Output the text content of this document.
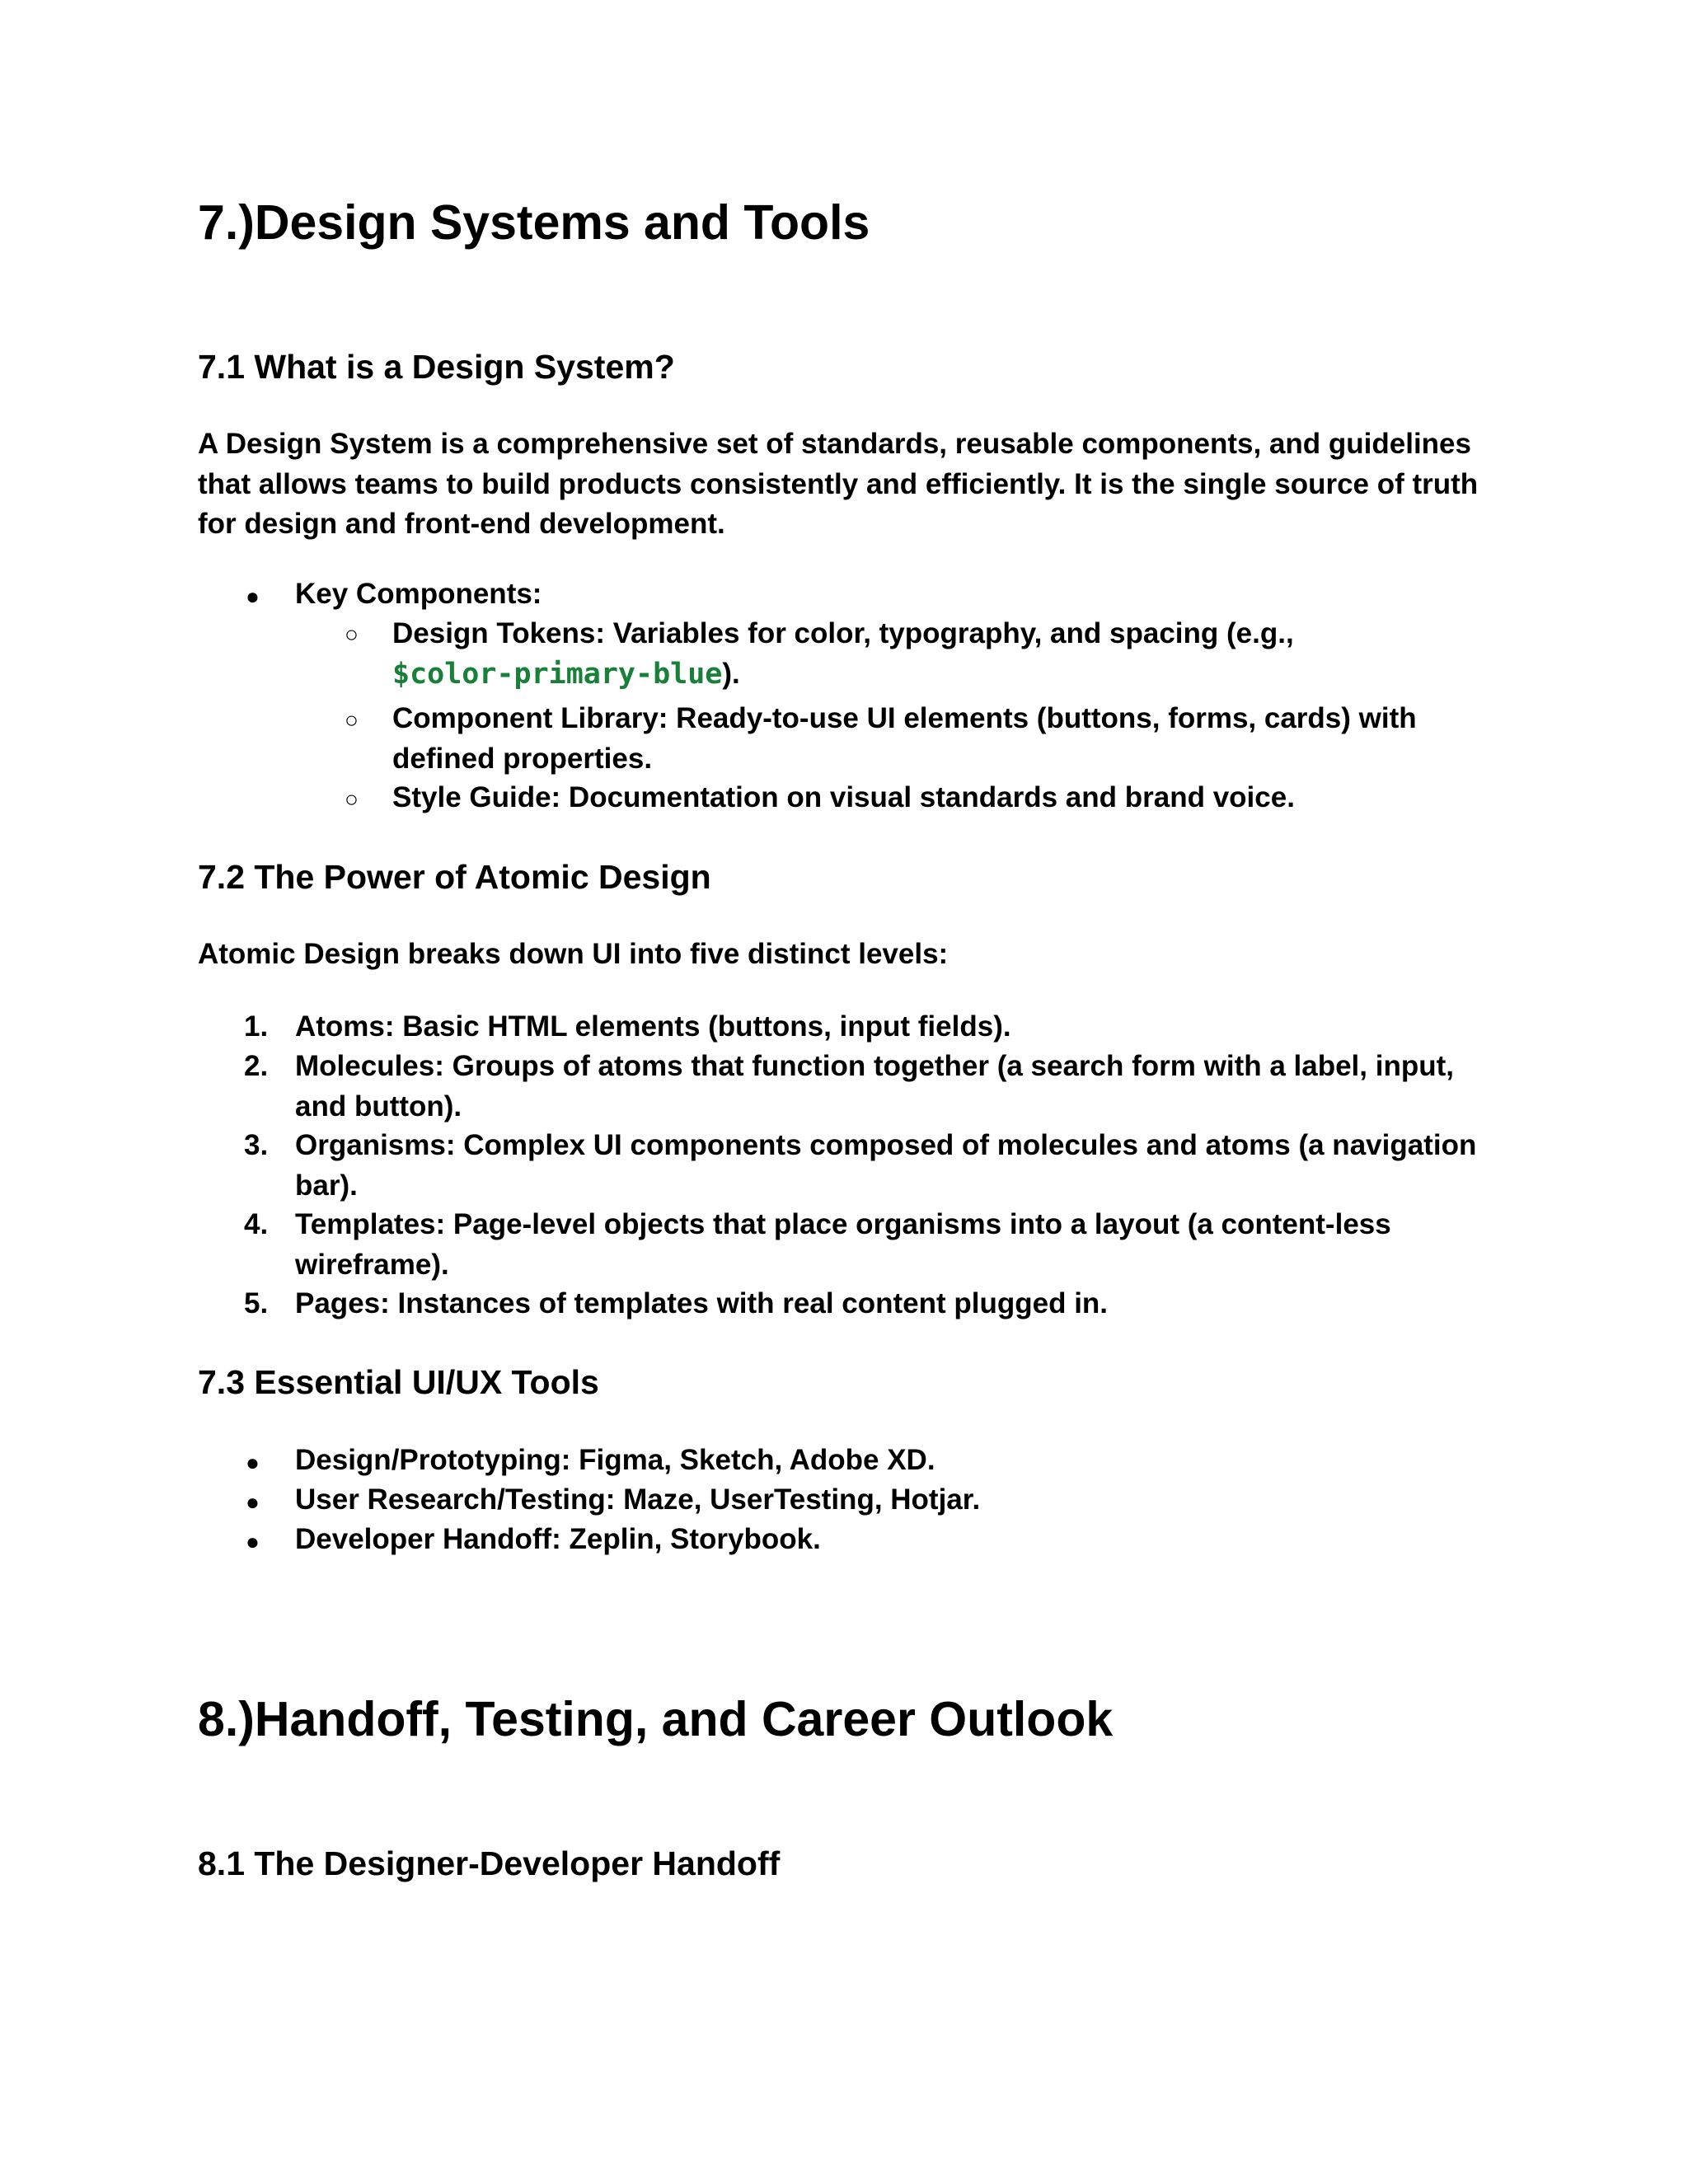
7.)Design Systems and Tools
7.1 What is a Design System?

A Design System is a comprehensive set of standards, reusable components, and guidelines that allows teams to build products consistently and efficiently. It is the single source of truth for design and front-end development.

● Key Components:
○ Design Tokens: Variables for color, typography, and spacing (e.g.,
$color-primary-blue).
○ Component Library: Ready-to-use UI elements (buttons, forms, cards) with defined properties.
○ Style Guide: Documentation on visual standards and brand voice.
7.2 The Power of Atomic Design

Atomic Design breaks down UI into five distinct levels:

1. Atoms: Basic HTML elements (buttons, input fields).
2. Molecules: Groups of atoms that function together (a search form with a label, input, and button).
3. Organisms: Complex UI components composed of molecules and atoms (a navigation bar).
4. Templates: Page-level objects that place organisms into a layout (a content-less wireframe).
5. Pages: Instances of templates with real content plugged in.
7.3 Essential UI/UX Tools
● Design/Prototyping: Figma, Sketch, Adobe XD.
● User Research/Testing: Maze, UserTesting, Hotjar.
● Developer Handoff: Zeplin, Storybook.
8.)Handoff, Testing, and Career Outlook
8.1 The Designer-Developer Handoff
